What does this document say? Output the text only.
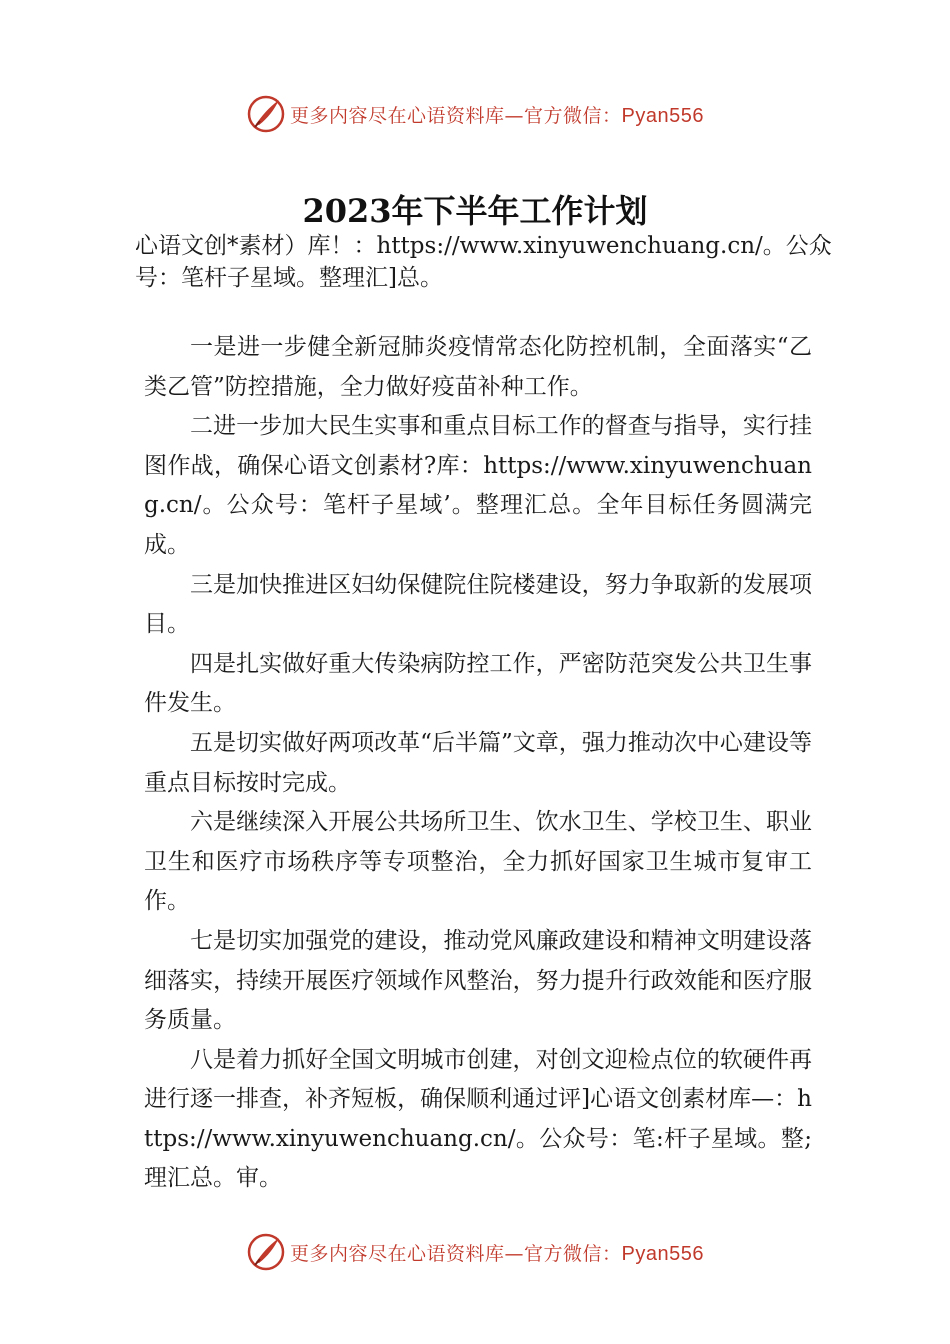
更多内容尽在心语资料库—官方微信：Pyan556
2023年下半年工作计划

心语文创*素材）库！：https://www.xinyuwenchuang.cn/。公众号：笔杆子星域。整理汇]总。

一是进一步健全新冠肺炎疫情常态化防控机制，全面落实“乙类乙管”防控措施，全力做好疫苗补种工作。

二进一步加大民生实事和重点目标工作的督查与指导，实行挂图作战，确保心语文创素材?库：https://www.xinyuwenchuang.cn/。公众号：笔杆子星域’。整理汇总。全年目标任务圆满完成。

三是加快推进区妇幼保健院住院楼建设，努力争取新的发展项目。

四是扎实做好重大传染病防控工作，严密防范突发公共卫生事件发生。

五是切实做好两项改革“后半篇”文章，强力推动次中心建设等重点目标按时完成。

六是继续深入开展公共场所卫生、饮水卫生、学校卫生、职业卫生和医疗市场秩序等专项整治，全力抓好国家卫生城市复审工作。

七是切实加强党的建设，推动党风廉政建设和精神文明建设落细落实，持续开展医疗领域作风整治，努力提升行政效能和医疗服务质量。

八是着力抓好全国文明城市创建，对创文迎检点位的软硬件再进行逐一排查，补齐短板，确保顺利通过评]心语文创素材库—：https://www.xinyuwenchuang.cn/。公众号：笔:杆子星域。整;理汇总。审。

更多内容尽在心语资料库—官方微信：Pyan556
